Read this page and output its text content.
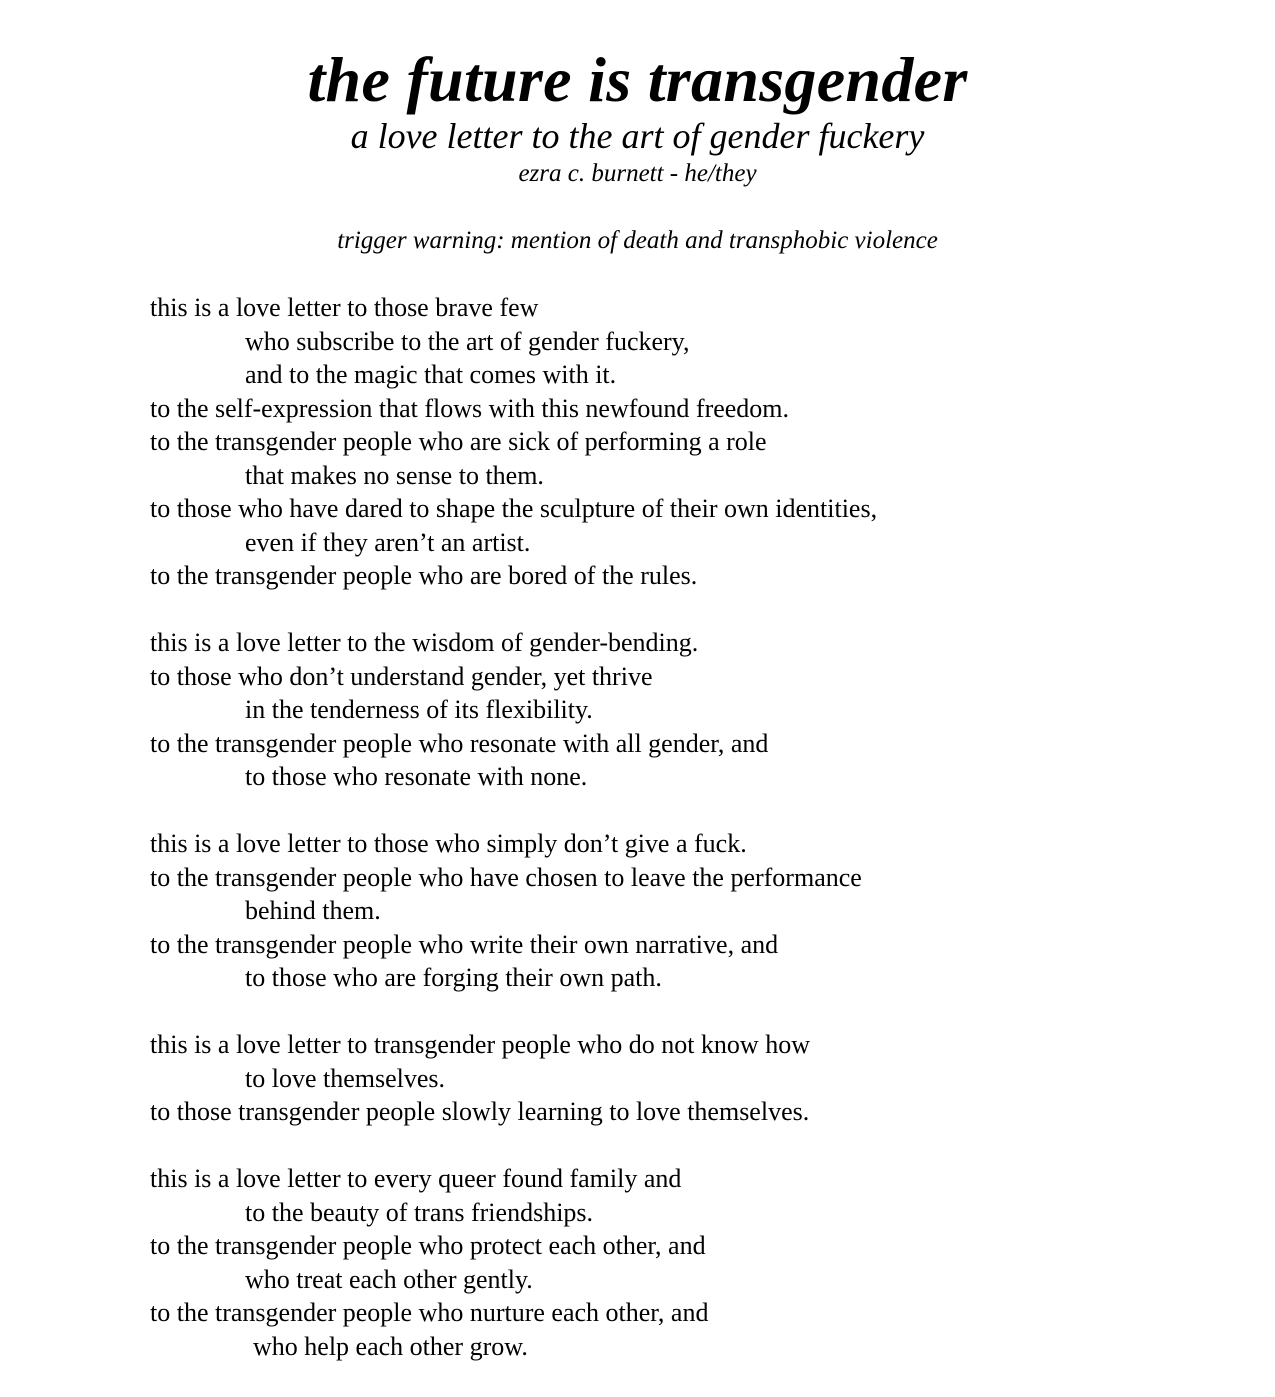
the future is transgender
a love letter to the art of gender fuckery
ezra c. burnett - he/they
trigger warning: mention of death and transphobic violence
this is a love letter to those brave few
who subscribe to the art of gender fuckery,
and to the magic that comes with it.
to the self-expression that flows with this newfound freedom.
to the transgender people who are sick of performing a role
that makes no sense to them.
to those who have dared to shape the sculpture of their own identities,
even if they aren’t an artist.
to the transgender people who are bored of the rules.
this is a love letter to the wisdom of gender-bending.
to those who don’t understand gender, yet thrive
in the tenderness of its flexibility.
to the transgender people who resonate with all gender, and
to those who resonate with none.
this is a love letter to those who simply don’t give a fuck.
to the transgender people who have chosen to leave the performance
behind them.
to the transgender people who write their own narrative, and
to those who are forging their own path.
this is a love letter to transgender people who do not know how
to love themselves.
to those transgender people slowly learning to love themselves.
this is a love letter to every queer found family and
to the beauty of trans friendships.
to the transgender people who protect each other, and
who treat each other gently.
to the transgender people who nurture each other, and
who help each other grow.
